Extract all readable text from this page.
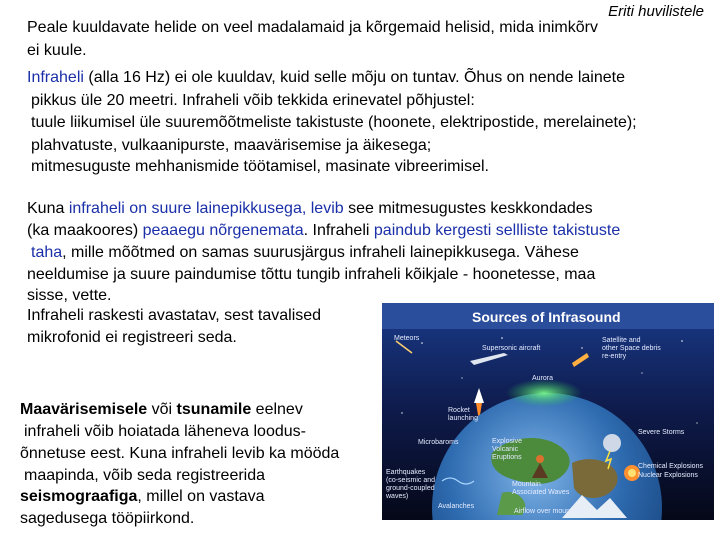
Eriti huvilistele
Peale kuuldavate helide on veel madalamaid ja kõrgemaid helisid, mida inimkõrv
ei kuule.
Infraheli (alla 16 Hz) ei ole kuuldav, kuid selle mõju on tuntav. Õhus on nende lainete
pikkus üle 20 meetri. Infraheli võib tekkida erinevatel põhjustel:
tuule liikumisel üle suuremõõtmeliste takistuste (hoonete, elektripostide, merelainete);
plahvatuste, vulkaanipurste, maavärisemise ja äikesega;
mitmesuguste mehhanismide töötamisel, masinate vibreerimisel.
Kuna infraheli on suure lainepikkusega, levib see mitmesugustes keskkondades
(ka maakoores) peaaegu nõrgenemata. Infraheli paindub kergesti sellliste takistuste
taha, mille mõõtmed on samas suurusjärgus infraheli lainepikkusega. Vähese
neeldumise ja suure paindumise tõttu tungib infraheli kõikjale - hoonetesse, maa
sisse, vette.
Infraheli raskesti avastatav, sest tavalised
mikrofonid ei registreeri seda.
Maavärisemisele või tsunamile eelnev
infraheli võib hoiatada läheneva loodus-
õnnetuse eest. Kuna infraheli levib ka mööda
maapinda, võib seda registreerida
seismograafiga, millel on vastava
sagedusega tööpiirkond.
Sources of Infrasound
Meteors
Supersonic aircraft
Satellite and
other Space debris
re-entry
Aurora
Rocket
launching
Microbaroms	Explosive
Volcanic
Eruptions
Severe Storms
Chemical Explosions
Nuclear Explosions
Earthquakes
(co-seismic and
ground-coupled
waves)
Mountain
Associated Waves
Avalanches
Airflow over mountains
